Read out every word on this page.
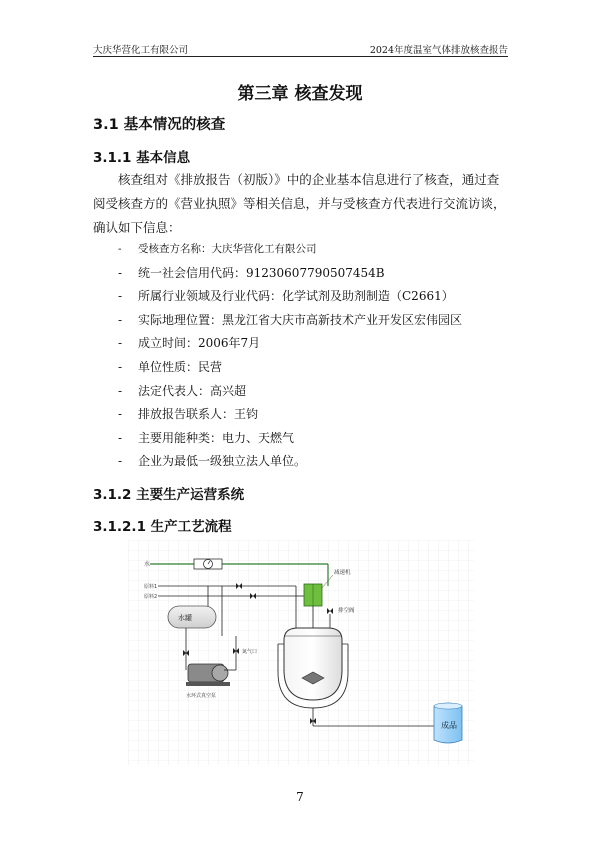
大庆华营化工有限公司	2024年度温室气体排放核查报告
第三章 核查发现
3.1 基本情况的核查
3.1.1 基本信息

核查组对《排放报告（初版）》中的企业基本信息进行了核查，通过查阅受核查方的《营业执照》等相关信息，并与受核查方代表进行交流访谈，确认如下信息：

- 受核查方名称：大庆华营化工有限公司
- 统一社会信用代码：91230607790507454B
- 所属行业领域及行业代码：化学试剂及助剂制造（C2661）
- 实际地理位置：黑龙江省大庆市高新技术产业开发区宏伟园区
- 成立时间：2006年7月
- 单位性质：民营
- 法定代表人：高兴超
- 排放报告联系人：王钧
- 主要用能种类：电力、天燃气
- 企业为最低一级独立法人单位。
3.1.2 主要生产运营系统
3.1.2.1 生产工艺流程
水
原料1
原料2
减速机
排空阀
水罐
氮气口
水环式真空泵
成品
7
